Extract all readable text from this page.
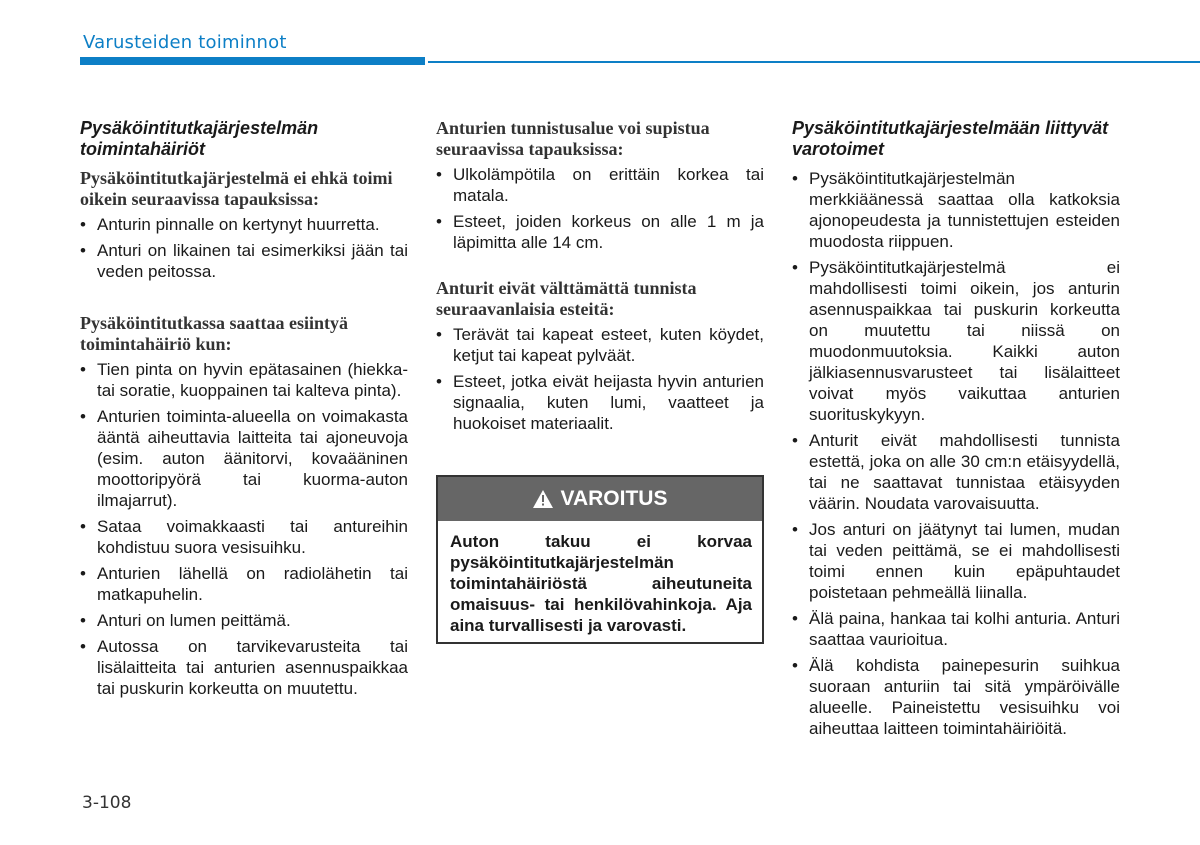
Varusteiden toiminnot
Pysäköintitutkajärjestelmän toimintahäiriöt
Pysäköintitutkajärjestelmä ei ehkä toimi oikein seuraavissa tapauksissa:
• Anturin pinnalle on kertynyt huurretta.
• Anturi on likainen tai esimerkiksi jään tai veden peitossa.
Pysäköintitutkassa saattaa esiintyä toimintahäiriö kun:
• Tien pinta on hyvin epätasainen (hiekka- tai soratie, kuoppainen tai kalteva pinta).
• Anturien toiminta-alueella on voimakasta ääntä aiheuttavia laitteita tai ajoneuvoja (esim. auton äänitorvi, kovaääninen moottoripyörä tai kuorma-auton ilmajarrut).
• Sataa voimakkaasti tai antureihin kohdistuu suora vesisuihku.
• Anturien lähellä on radiolähetin tai matkapuhelin.
• Anturi on lumen peittämä.
• Autossa on tarvikevarusteita tai lisälaitteita tai anturien asennuspaikkaa tai puskurin korkeutta on muutettu.
Anturien tunnistusalue voi supistua seuraavissa tapauksissa:
• Ulkolämpötila on erittäin korkea tai matala.
• Esteet, joiden korkeus on alle 1 m ja läpimitta alle 14 cm.
Anturit eivät välttämättä tunnista seuraavanlaisia esteitä:
• Terävät tai kapeat esteet, kuten köydet, ketjut tai kapeat pylväät.
• Esteet, jotka eivät heijasta hyvin anturien signaalia, kuten lumi, vaatteet ja huokoiset materiaalit.
VAROITUS
Auton takuu ei korvaa pysäköintitutkajärjestelmän toimintahäiriöstä aiheutuneita omaisuus- tai henkilövahinkoja. Aja aina turvallisesti ja varovasti.
Pysäköintitutkajärjestelmään liittyvät varotoimet
• Pysäköintitutkajärjestelmän merkkiäänessä saattaa olla katkoksia ajonopeudesta ja tunnistettujen esteiden muodosta riippuen.
• Pysäköintitutkajärjestelmä ei mahdollisesti toimi oikein, jos anturin asennuspaikkaa tai puskurin korkeutta on muutettu tai niissä on muodonmuutoksia. Kaikki auton jälkiasennusvarusteet tai lisälaitteet voivat myös vaikuttaa anturien suorituskykyyn.
• Anturit eivät mahdollisesti tunnista estettä, joka on alle 30 cm:n etäisyydellä, tai ne saattavat tunnistaa etäisyyden väärin. Noudata varovaisuutta.
• Jos anturi on jäätynyt tai lumen, mudan tai veden peittämä, se ei mahdollisesti toimi ennen kuin epäpuhtaudet poistetaan pehmeällä liinalla.
• Älä paina, hankaa tai kolhi anturia. Anturi saattaa vaurioitua.
• Älä kohdista painepesurin suihkua suoraan anturiin tai sitä ympäröivälle alueelle. Paineistettu vesisuihku voi aiheuttaa laitteen toimintahäiriöitä.
3-108
